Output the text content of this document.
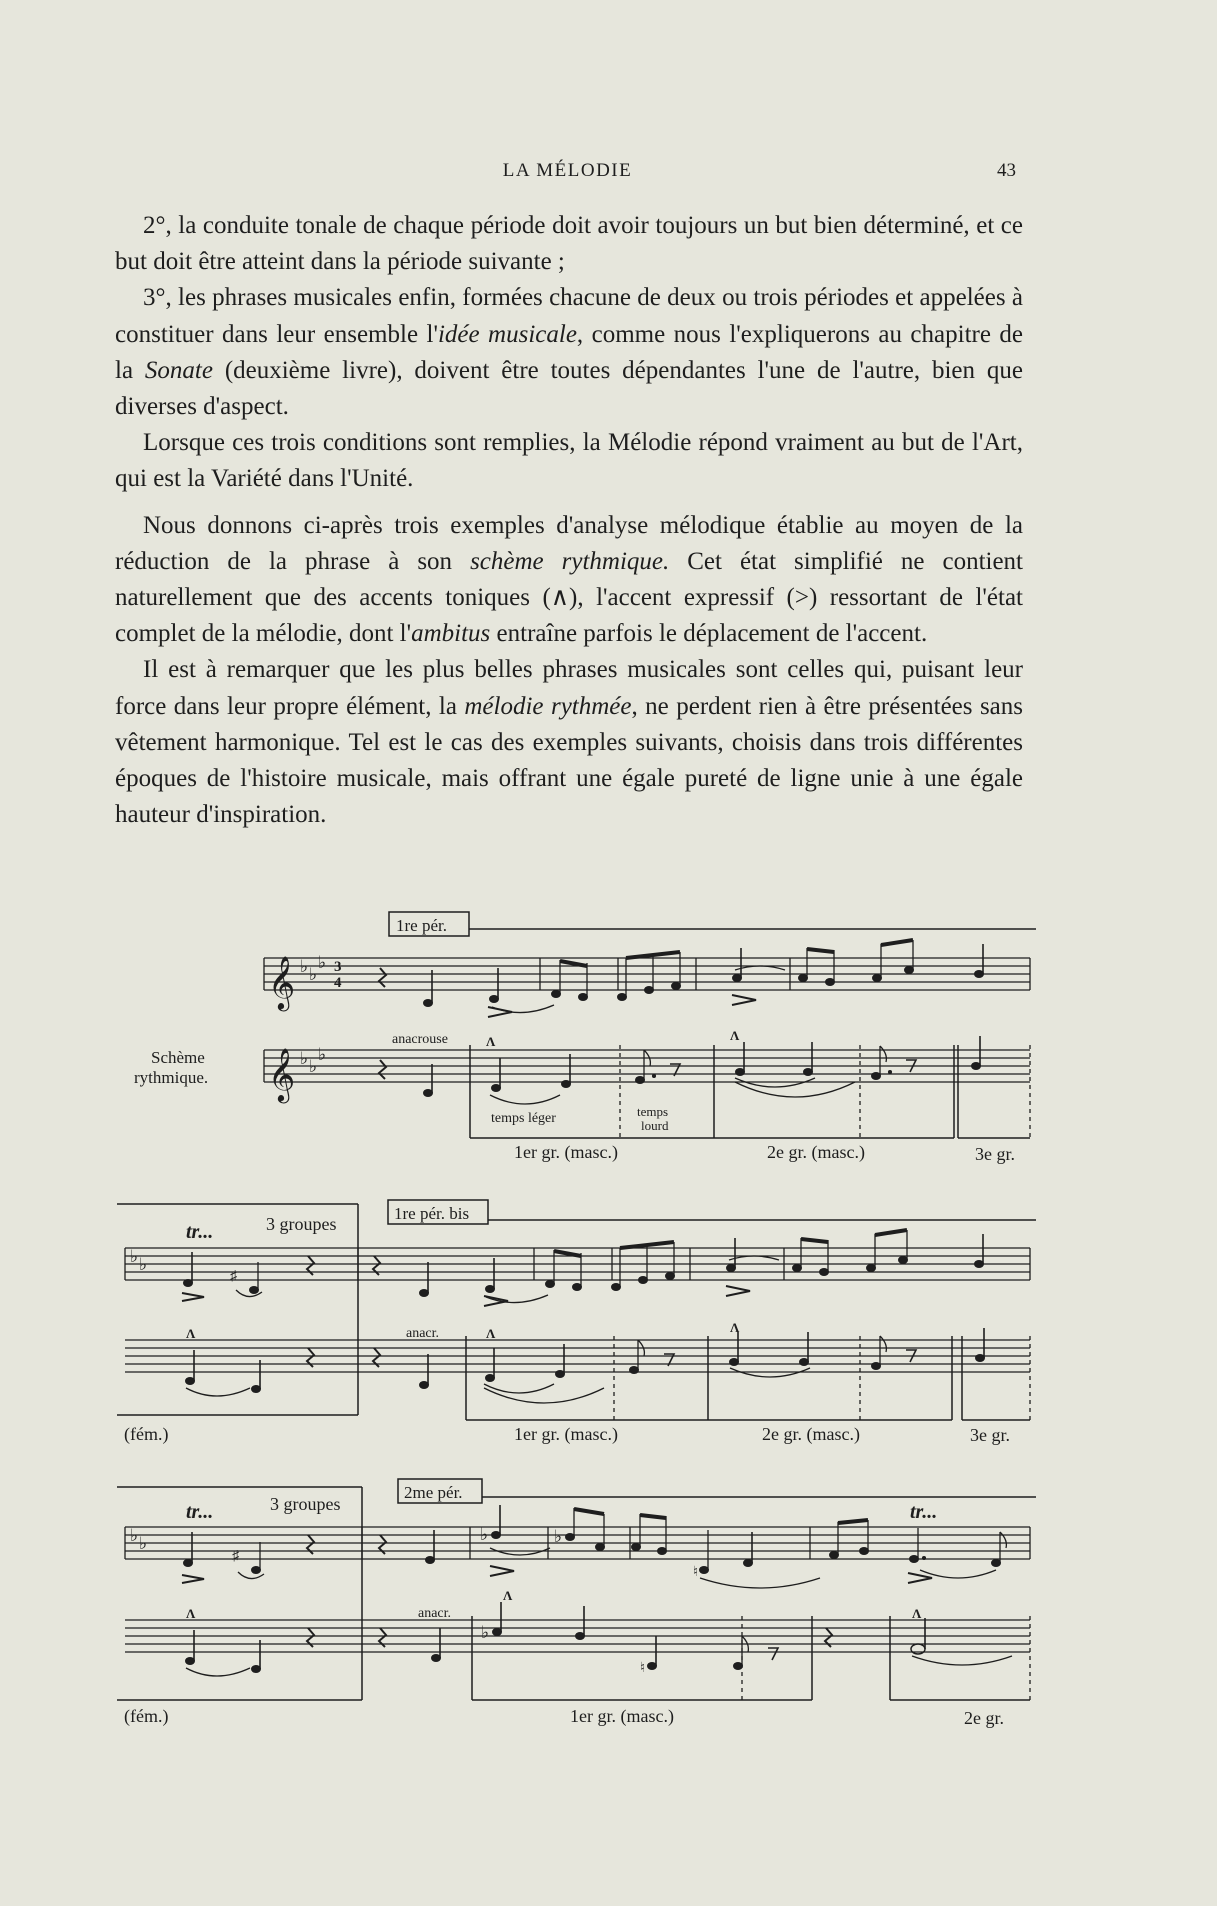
LA MÉLODIE	43

2°, la conduite tonale de chaque période doit avoir toujours un but bien déterminé, et ce but doit être atteint dans la période suivante ;

3°, les phrases musicales enfin, formées chacune de deux ou trois périodes et appelées à constituer dans leur ensemble l'idée musicale, comme nous l'expliquerons au chapitre de la Sonate (deuxième livre), doivent être toutes dépendantes l'une de l'autre, bien que diverses d'aspect.

Lorsque ces trois conditions sont remplies, la Mélodie répond vraiment au but de l'Art, qui est la Variété dans l'Unité.

Nous donnons ci-après trois exemples d'analyse mélodique établie au moyen de la réduction de la phrase à son schème rythmique. Cet état simplifié ne contient naturellement que des accents toniques (∧), l'accent expressif (>) ressortant de l'état complet de la mélodie, dont l'ambitus entraîne parfois le déplacement de l'accent.

Il est à remarquer que les plus belles phrases musicales sont celles qui, puisant leur force dans leur propre élément, la mélodie rythmée, ne perdent rien à être présentées sans vêtement harmonique. Tel est le cas des exemples suivants, choisis dans trois différentes époques de l'histoire musicale, mais offrant une égale pureté de ligne unie à une égale hauteur d'inspiration.

𝄞 ♭ ♭
♭ 3
4
Schème
rythmique. 𝄞 ♭ ♭
♭
anacrouse	Λ
temps léger	temps
lourd
Λ
1er gr. (masc.)	2e gr. (masc.)	3e gr.
tr...	3 groupes
♭ ♭
♯
Λ	anacr.	Λ	Λ
(fém.)	1er gr. (masc.)	2e gr. (masc.)	3e gr.
tr...	3 groupes	tr...
♭ ♭
♯
♭	♭
♮
Λ	anacr.
Λ
♭
♮
Λ
(fém.)	1er gr. (masc.)	2e gr.
1re pér.
1re pér. bis
2me pér.
